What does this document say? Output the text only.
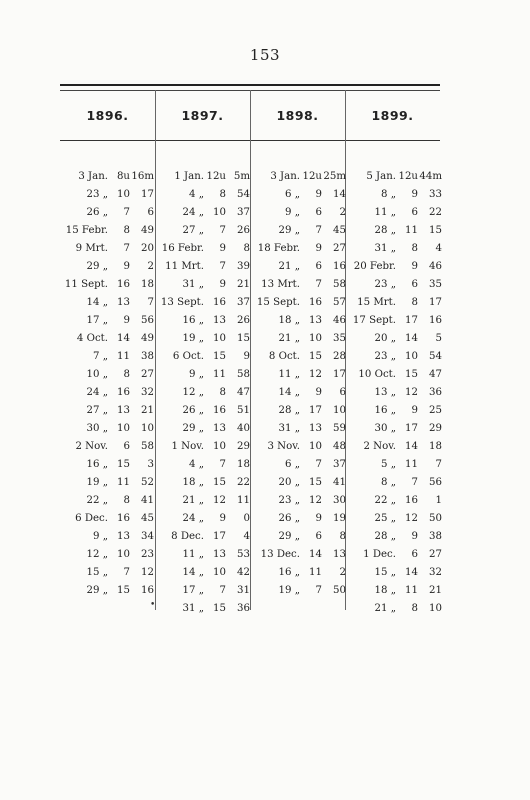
153
1896.	1897.	1898.	1899.
3 Jan. 8u 16m
23 „ 10	17
26 „	7	6
15 Febr.	8	49
9 Mrt.	7	20
29 „	9	2
11 Sept. 16	18
14 „ 13	7
17 „	9	56
4 Oct. 14	49
7 „ 11	38
10 „	8	27
24 „ 16	32
27 „ 13	21
30 „ 10	10
2 Nov.	6	58
16 „ 15	3
19 „ 11	52
22 „	8	41
6 Dec. 16	45
9 „ 13	34
12 „ 10	23
15 „	7	12
29 „ 15	16
1 Jan. 12u 5m
4 „	8	54
24 „ 10	37
27 „	7	26
16 Febr.	9	8
11 Mrt.	7	39
31 „	9	21
13 Sept. 16	37
16 „ 13	26
19 „ 10	15
6 Oct. 15	9
9 „ 11	58
12 „	8	47
26 „ 16	51
29 „ 13	40
1 Nov. 10	29
4 „	7	18
18 „ 15	22
21 „ 12	11
24 „	9	0
8 Dec. 17	4
11 „ 13	53
14 „ 10	42
17 „	7	31
31 „ 15	36
3 Jan. 12u 25m
6 „	9	14
9 „	6	2
29 „	7	45
18 Febr.	9	27
21 „	6	16
13 Mrt.	7	58
15 Sept. 16	57
18 „ 13	46
21 „ 10	35
8 Oct. 15	28
11 „ 12	17
14 „	9	6
28 „ 17	10
31 „ 13	59
3 Nov. 10	48
6 „	7	37
20 „ 15	41
23 „ 12	30
26 „	9	19
29 „	6	8
13 Dec. 14	13
16 „ 11	2
19 „	7	50
5 Jan. 12u 44m
8 „	9	33
11 „	6	22
28 „ 11	15
31 „	8	4
20 Febr.	9	46
23 „	6	35
15 Mrt.	8	17
17 Sept. 17	16
20 „ 14	5
23 „ 10	54
10 Oct. 15	47
13 „ 12	36
16 „	9	25
30 „ 17	29
2 Nov. 14	18
5 „ 11	7
8 „	7	56
22 „ 16	1
25 „ 12	50
28 „	9	38
1 Dec.	6	27
15 „ 14	32
18 „ 11	21
21 „	8	10
•
